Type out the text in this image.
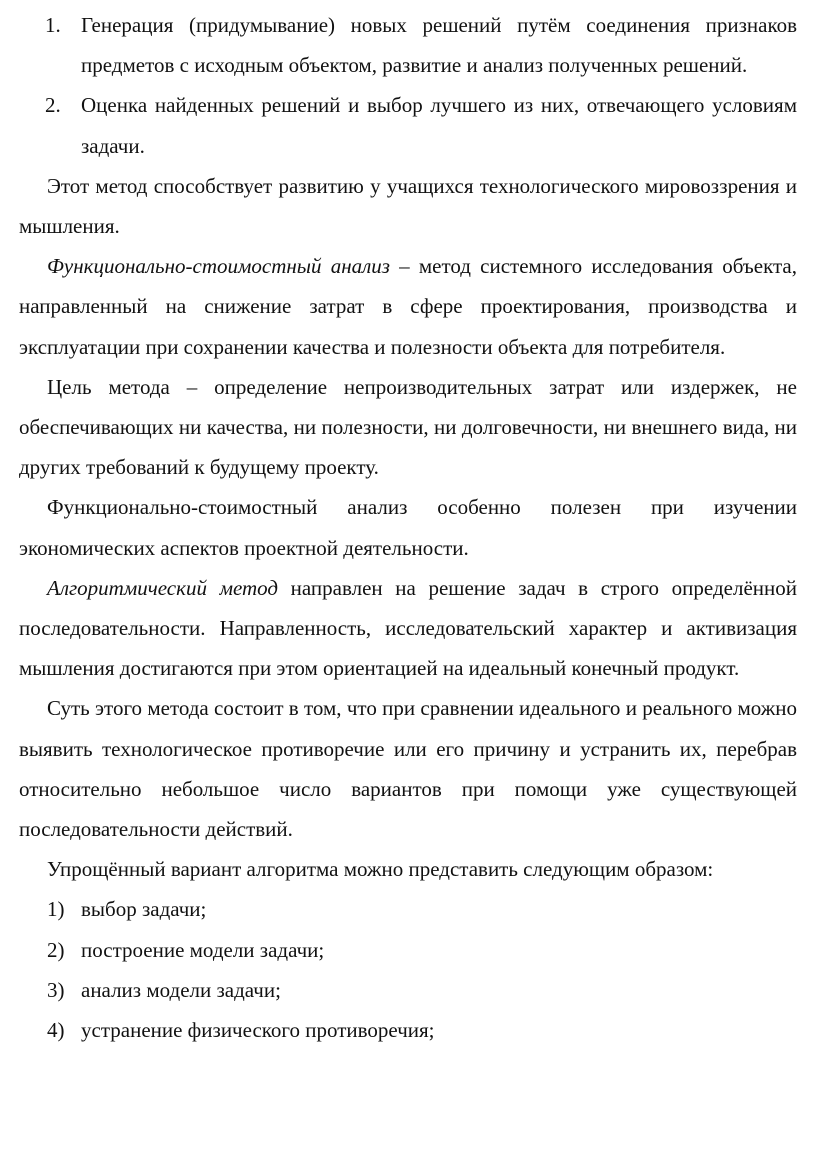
1. Генерация (придумывание) новых решений путём соединения признаков предметов с исходным объектом, развитие и анализ полученных решений.
2. Оценка найденных решений и выбор лучшего из них, отвечающего условиям задачи.

Этот метод способствует развитию у учащихся технологического мировоззрения и мышления.

Функционально-стоимостный анализ – метод системного исследования объекта, направленный на снижение затрат в сфере проектирования, производства и эксплуатации при сохранении качества и полезности объекта для потребителя.

Цель метода – определение непроизводительных затрат или издержек, не обеспечивающих ни качества, ни полезности, ни долговечности, ни внешнего вида, ни других требований к будущему проекту.

Функционально-стоимостный анализ особенно полезен при изучении экономических аспектов проектной деятельности.

Алгоритмический метод направлен на решение задач в строго определённой последовательности. Направленность, исследовательский характер и активизация мышления достигаются при этом ориентацией на идеальный конечный продукт.

Суть этого метода состоит в том, что при сравнении идеального и реального можно выявить технологическое противоречие или его причину и устранить их, перебрав относительно небольшое число вариантов при помощи уже существующей последовательности действий.

Упрощённый вариант алгоритма можно представить следующим образом:

1) выбор задачи;
2) построение модели задачи;
3) анализ модели задачи;
4) устранение физического противоречия;
